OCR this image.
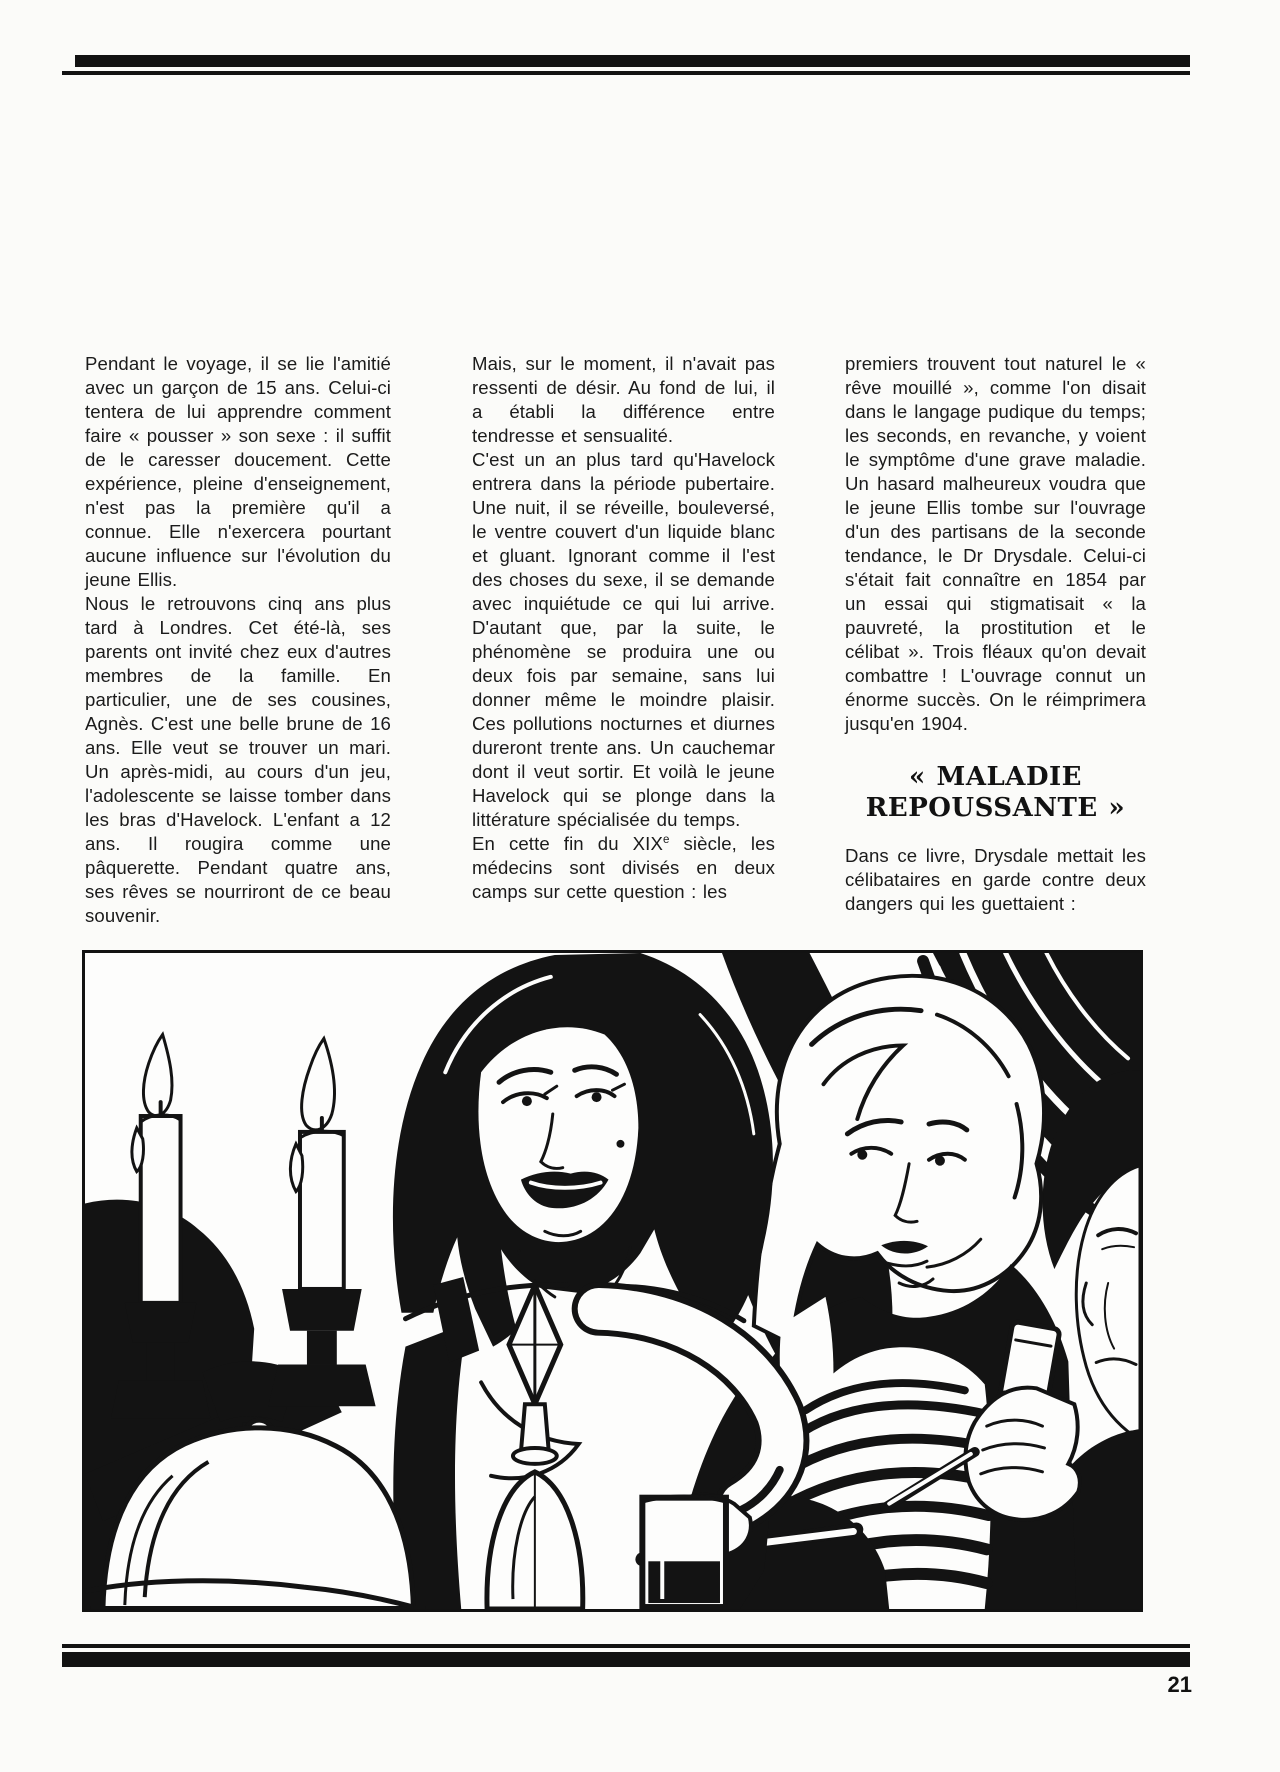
Pendant le voyage, il se lie l'amitié avec un garçon de 15 ans. Celui-ci tentera de lui apprendre comment faire « pousser » son sexe : il suffit de le caresser doucement. Cette expérience, pleine d'enseignement, n'est pas la première qu'il a connue. Elle n'exercera pourtant aucune influence sur l'évolution du jeune Ellis.

Nous le retrouvons cinq ans plus tard à Londres. Cet été-là, ses parents ont invité chez eux d'autres membres de la famille. En particulier, une de ses cousines, Agnès. C'est une belle brune de 16 ans. Elle veut se trouver un mari. Un après-midi, au cours d'un jeu, l'adolescente se laisse tomber dans les bras d'Havelock. L'enfant a 12 ans. Il rougira comme une pâquerette. Pendant quatre ans, ses rêves se nourriront de ce beau souvenir.

Mais, sur le moment, il n'avait pas ressenti de désir. Au fond de lui, il a établi la différence entre tendresse et sensualité.

C'est un an plus tard qu'Havelock entrera dans la période pubertaire. Une nuit, il se réveille, bouleversé, le ventre couvert d'un liquide blanc et gluant. Ignorant comme il l'est des choses du sexe, il se demande avec inquiétude ce qui lui arrive. D'autant que, par la suite, le phénomène se produira une ou deux fois par semaine, sans lui donner même le moindre plaisir. Ces pollutions nocturnes et diurnes dureront trente ans. Un cauchemar dont il veut sortir. Et voilà le jeune Havelock qui se plonge dans la littérature spécialisée du temps.

En cette fin du XIXe siècle, les médecins sont divisés en deux camps sur cette question : les

premiers trouvent tout naturel le « rêve mouillé », comme l'on disait dans le langage pudique du temps; les seconds, en revanche, y voient le symptôme d'une grave maladie. Un hasard malheureux voudra que le jeune Ellis tombe sur l'ouvrage d'un des partisans de la seconde tendance, le Dr Drysdale. Celui-ci s'était fait connaître en 1854 par un essai qui stigmatisait « la pauvreté, la prostitution et le célibat ». Trois fléaux qu'on devait combattre ! L'ouvrage connut un énorme succès. On le réimprimera jusqu'en 1904.

« MALADIE
REPOUSSANTE »

Dans ce livre, Drysdale mettait les célibataires en garde contre deux dangers qui les guettaient :

21
